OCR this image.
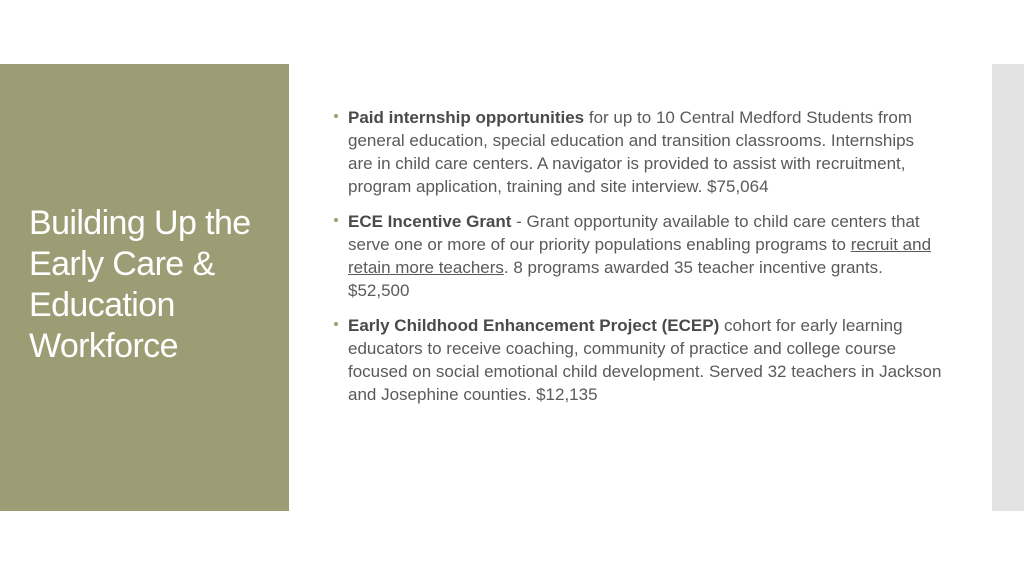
Building Up the Early Care & Education Workforce

Paid internship opportunities for up to 10 Central Medford Students from general education, special education and transition classrooms. Internships are in child care centers. A navigator is provided to assist with recruitment, program application, training and site interview. $75,064

ECE Incentive Grant - Grant opportunity available to child care centers that serve one or more of our priority populations enabling programs to recruit and retain more teachers. 8 programs awarded 35 teacher incentive grants. $52,500

Early Childhood Enhancement Project (ECEP) cohort for early learning educators to receive coaching, community of practice and college course focused on social emotional child development. Served 32 teachers in Jackson and Josephine counties. $12,135
